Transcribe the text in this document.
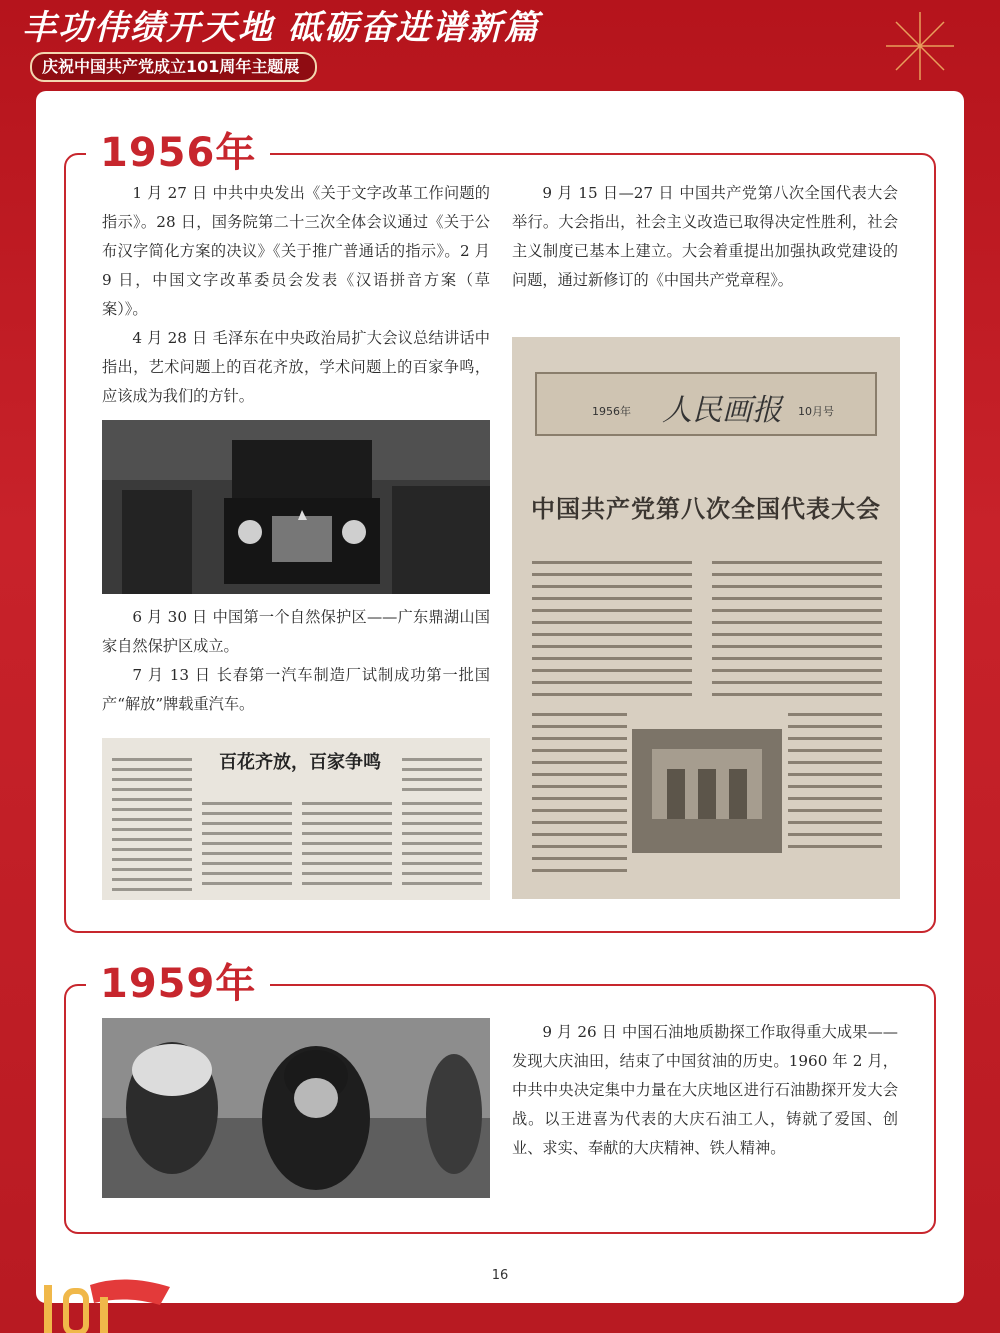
丰功伟绩开天地 砥砺奋进谱新篇
庆祝中国共产党成立101周年主题展
1956年

1 月 27 日 中共中央发出《关于文字改革工作问题的指示》。28 日，国务院第二十三次全体会议通过《关于公布汉字简化方案的决议》《关于推广普通话的指示》。2 月 9 日，中国文字改革委员会发表《汉语拼音方案（草案）》。

4 月 28 日 毛泽东在中央政治局扩大会议总结讲话中指出，艺术问题上的百花齐放，学术问题上的百家争鸣，应该成为我们的方针。

6 月 30 日 中国第一个自然保护区——广东鼎湖山国家自然保护区成立。

7 月 13 日 长春第一汽车制造厂试制成功第一批国产“解放”牌载重汽车。

百花齐放，百家争鸣

9 月 15 日—27 日 中国共产党第八次全国代表大会举行。大会指出，社会主义改造已取得决定性胜利，社会主义制度已基本上建立。大会着重提出加强执政党建设的问题，通过新修订的《中国共产党章程》。

1956年 人民画报 10月号
中国共产党第八次全国代表大会
1959年

9 月 26 日 中国石油地质勘探工作取得重大成果——发现大庆油田，结束了中国贫油的历史。1960 年 2 月，中共中央决定集中力量在大庆地区进行石油勘探开发大会战。以王进喜为代表的大庆石油工人，铸就了爱国、创业、求实、奉献的大庆精神、铁人精神。

16
